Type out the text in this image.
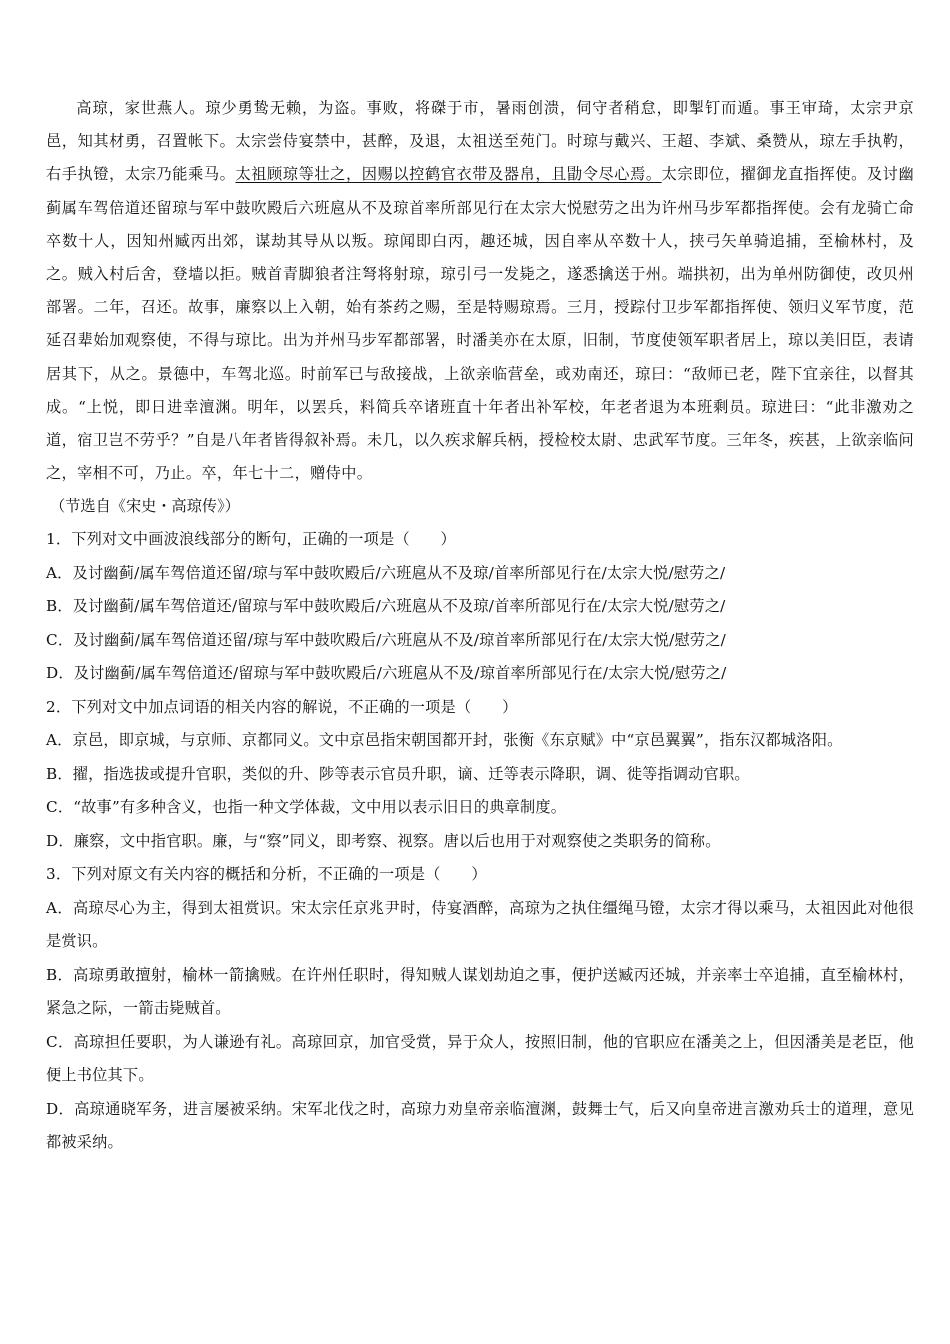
高琼，家世燕人。琼少勇鸷无赖，为盗。事败，将磔于市，暑雨创溃，伺守者稍怠，即掣钉而遁。事王审琦，太宗尹京邑，知其材勇，召置帐下。太宗尝侍宴禁中，甚醉，及退，太祖送至苑门。时琼与戴兴、王超、李斌、桑赞从，琼左手执靮，右手执镫，太宗乃能乘马。太祖顾琼等壮之，因赐以控鹤官衣带及器帛，且勖令尽心焉。太宗即位，擢御龙直指挥使。及讨幽蓟属车驾倍道还留琼与军中鼓吹殿后六班扈从不及琼首率所部见行在太宗大悦慰劳之出为许州马步军都指挥使。会有龙骑亡命卒数十人，因知州臧丙出郊，谋劫其导从以叛。琼闻即白丙，趣还城，因自率从卒数十人，挟弓矢单骑追捕，至榆林村，及之。贼入村后舍，登墙以拒。贼首青脚狼者注弩将射琼，琼引弓一发毙之，遂悉擒送于州。端拱初，出为单州防御使，改贝州部署。二年，召还。故事，廉察以上入朝，始有茶药之赐，至是特赐琼焉。三月，授踪付卫步军都指挥使、领归义军节度，范延召辈始加观察使，不得与琼比。出为并州马步军都部署，时潘美亦在太原，旧制，节度使领军职者居上，琼以美旧臣，表请居其下，从之。景德中，车驾北巡。时前军已与敌接战，上欲亲临营垒，或劝南还，琼曰：“敌师已老，陛下宜亲往，以督其成。“上悦，即日进幸澶渊。明年，以罢兵，料简兵卒诸班直十年者出补军校，年老者退为本班剩员。琼进曰：“此非激劝之道，宿卫岂不劳乎？”自是八年者皆得叙补焉。未几，以久疾求解兵柄，授检校太尉、忠武军节度。三年冬，疾甚，上欲亲临问之，宰相不可，乃止。卒，年七十二，赠侍中。

（节选自《宋史・高琼传》）

1．下列对文中画波浪线部分的断句，正确的一项是（　　）

A．及讨幽蓟/属车驾倍道还留/琼与军中鼓吹殿后/六班扈从不及琼/首率所部见行在/太宗大悦/慰劳之/

B．及讨幽蓟/属车驾倍道还/留琼与军中鼓吹殿后/六班扈从不及琼/首率所部见行在/太宗大悦/慰劳之/

C．及讨幽蓟/属车驾倍道还留/琼与军中鼓吹殿后/六班扈从不及/琼首率所部见行在/太宗大悦/慰劳之/

D．及讨幽蓟/属车驾倍道还/留琼与军中鼓吹殿后/六班扈从不及/琼首率所部见行在/太宗大悦/慰劳之/

2．下列对文中加点词语的相关内容的解说，不正确的一项是（　　）

A．京邑，即京城，与京师、京都同义。文中京邑指宋朝国都开封，张衡《东京赋》中“京邑翼翼”，指东汉都城洛阳。

B．擢，指选拔或提升官职，类似的升、陟等表示官员升职，谪、迁等表示降职，调、徙等指调动官职。

C．“故事”有多种含义，也指一种文学体裁，文中用以表示旧日的典章制度。

D．廉察，文中指官职。廉，与“察”同义，即考察、视察。唐以后也用于对观察使之类职务的简称。

3．下列对原文有关内容的概括和分析，不正确的一项是（　　）

A．高琼尽心为主，得到太祖赏识。宋太宗任京兆尹时，侍宴酒醉，高琼为之执住缰绳马镫，太宗才得以乘马，太祖因此对他很是赏识。

B．高琼勇敢擅射，榆林一箭擒贼。在许州任职时，得知贼人谋划劫迫之事，便护送臧丙还城，并亲率士卒追捕，直至榆林村，紧急之际，一箭击毙贼首。

C．高琼担任要职，为人谦逊有礼。高琼回京，加官受赏，异于众人，按照旧制，他的官职应在潘美之上，但因潘美是老臣，他便上书位其下。

D．高琼通晓军务，进言屡被采纳。宋军北伐之时，高琼力劝皇帝亲临澶渊，鼓舞士气，后又向皇帝进言激劝兵士的道理，意见都被采纳。
